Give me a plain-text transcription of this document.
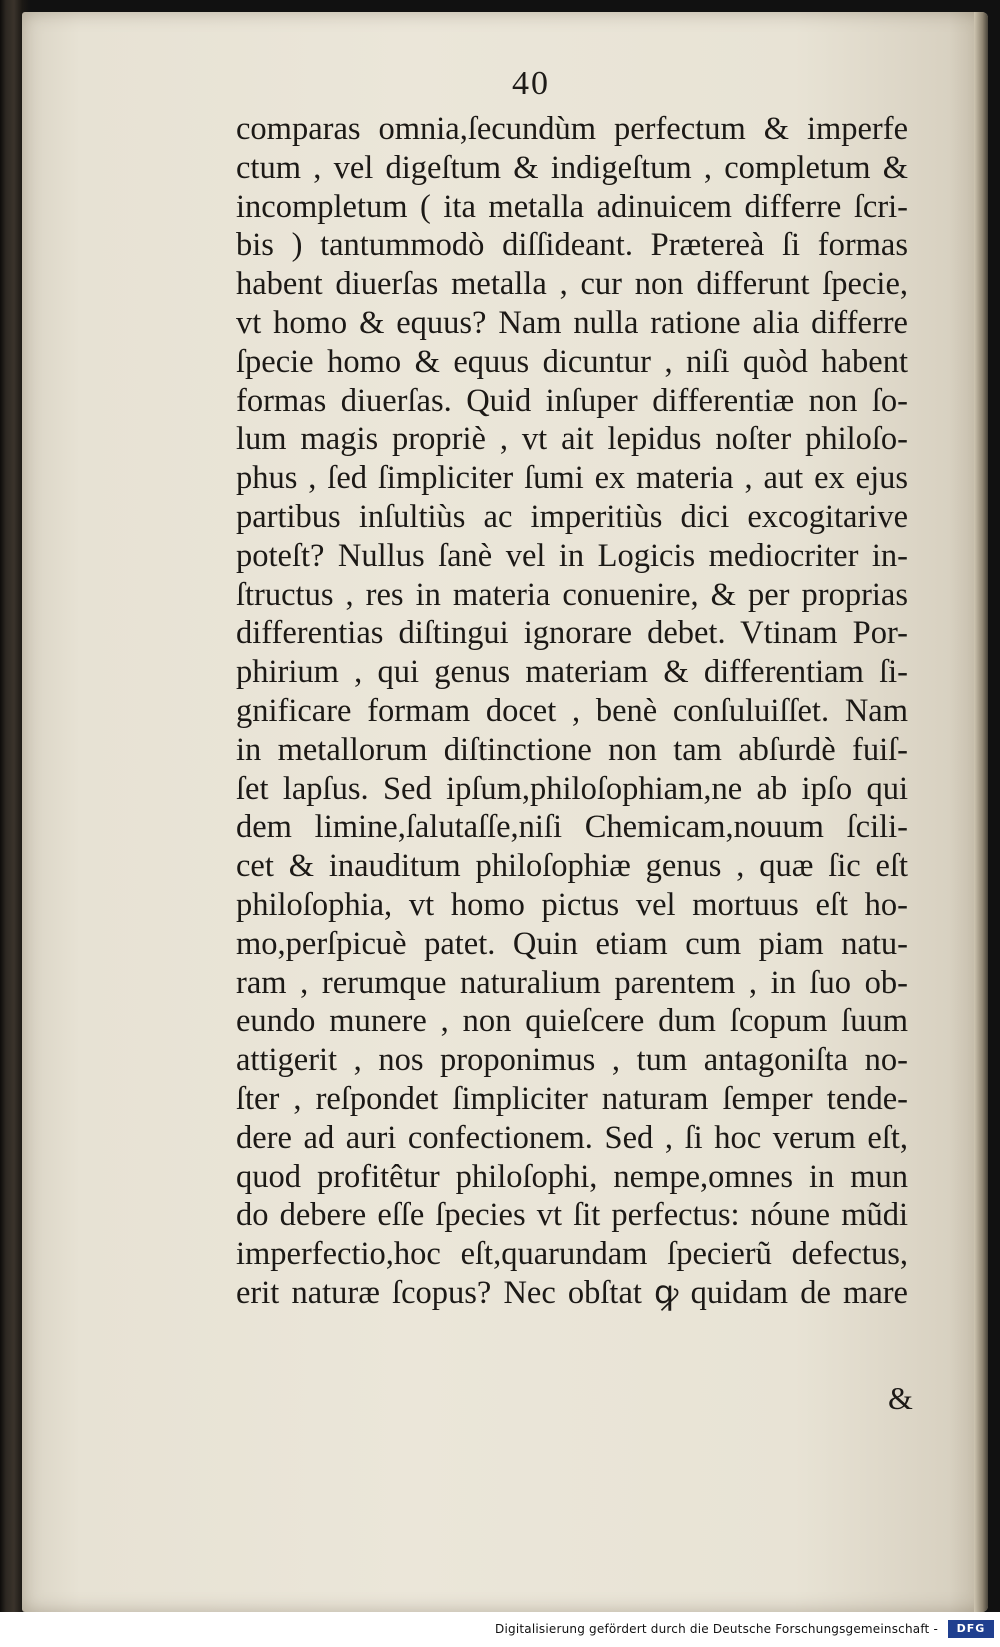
40
comparas omnia,ſecundùm perfectum & imperfe
ctum , vel digeſtum & indigeſtum , completum &
incompletum ( ita metalla adinuicem differre ſcri-
bis ) tantummodò diſſideant. Prætereà ſi formas
habent diuerſas metalla , cur non differunt ſpecie,
vt homo & equus? Nam nulla ratione alia differre
ſpecie homo & equus dicuntur , niſi quòd habent
formas diuerſas. Quid inſuper differentiæ non ſo-
lum magis propriè , vt ait lepidus noſter philoſo-
phus , ſed ſimpliciter ſumi ex materia , aut ex ejus
partibus inſultiùs ac imperitiùs dici excogitarive
poteſt? Nullus ſanè vel in Logicis mediocriter in-
ſtructus , res in materia conuenire, & per proprias
differentias diſtingui ignorare debet. Vtinam Por-
phirium , qui genus materiam & differentiam ſi-
gnificare formam docet , benè conſuluiſſet. Nam
in metallorum diſtinctione non tam abſurdè fuiſ-
ſet lapſus. Sed ipſum,philoſophiam,ne ab ipſo qui
dem limine,ſalutaſſe,niſi Chemicam,nouum ſcili-
cet & inauditum philoſophiæ genus , quæ ſic eſt
philoſophia, vt homo pictus vel mortuus eſt ho-
mo,perſpicuè patet. Quin etiam cum piam natu-
ram , rerumque naturalium parentem , in ſuo ob-
eundo munere , non quieſcere dum ſcopum ſuum
attigerit , nos proponimus , tum antagoniſta no-
ſter , reſpondet ſimpliciter naturam ſemper tende-
dere ad auri confectionem. Sed , ſi hoc verum eſt,
quod profitêtur philoſophi, nempe,omnes in mun
do debere eſſe ſpecies vt ſit perfectus: nóune mũdi
imperfectio,hoc eſt,quarundam ſpecierũ defectus,
erit naturæ ſcopus? Nec obſtat ꝙ quidam de mare
&
Digitalisierung gefördert durch die Deutsche Forschungsgemeinschaft -	DFG
